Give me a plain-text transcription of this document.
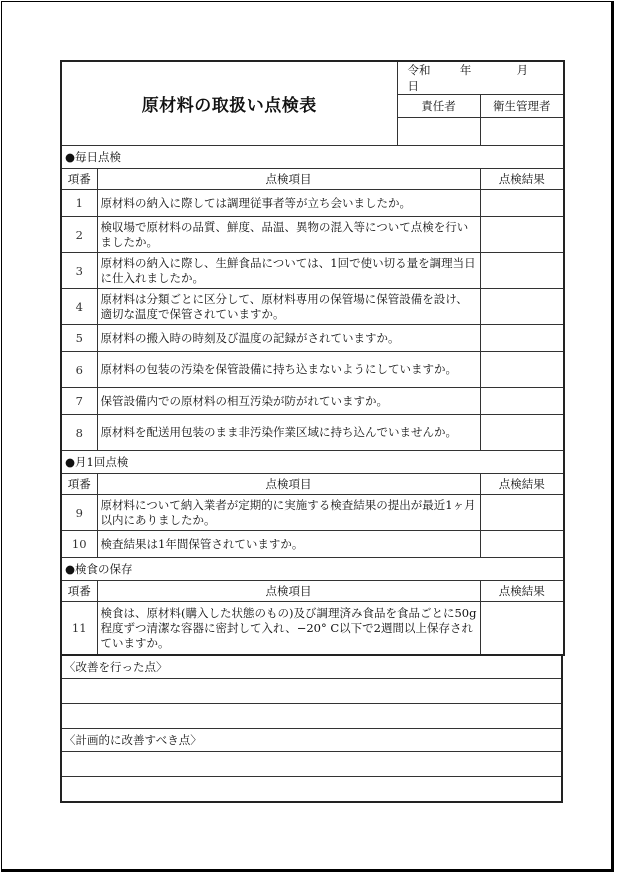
原材料の取扱い点検表		令和 年 月  日	
		責任者	衛生管理者

●毎日点検			
項番	点検項目		点検結果
1	原材料の納入に際しては調理従事者等が立ち会いましたか。		
2	検収場で原材料の品質、鮮度、品温、異物の混入等について点検を行いましたか。		
3	原材料の納入に際し、生鮮食品については、1回で使い切る量を調理当日に仕入れましたか。		
4	原材料は分類ごとに区分して、原材料専用の保管場に保管設備を設け、適切な温度で保管されていますか。		
5	原材料の搬入時の時刻及び温度の記録がされていますか。		
6	原材料の包装の汚染を保管設備に持ち込まないようにしていますか。		
7	保管設備内での原材料の相互汚染が防がれていますか。		
8	原材料を配送用包装のまま非汚染作業区域に持ち込んでいませんか。		
●月1回点検			
項番	点検項目		点検結果
9	原材料について納入業者が定期的に実施する検査結果の提出が最近1ヶ月以内にありましたか。		
10	検査結果は1年間保管されていますか。		
●検食の保存			
項番	点検項目		点検結果
11	検食は、原材料(購入した状態のもの)及び調理済み食品を食品ごとに50g程度ずつ清潔な容器に密封して入れ、−20° C以下で2週間以上保存されていますか。		
〈改善を行った点〉

〈計画的に改善すべき点〉
